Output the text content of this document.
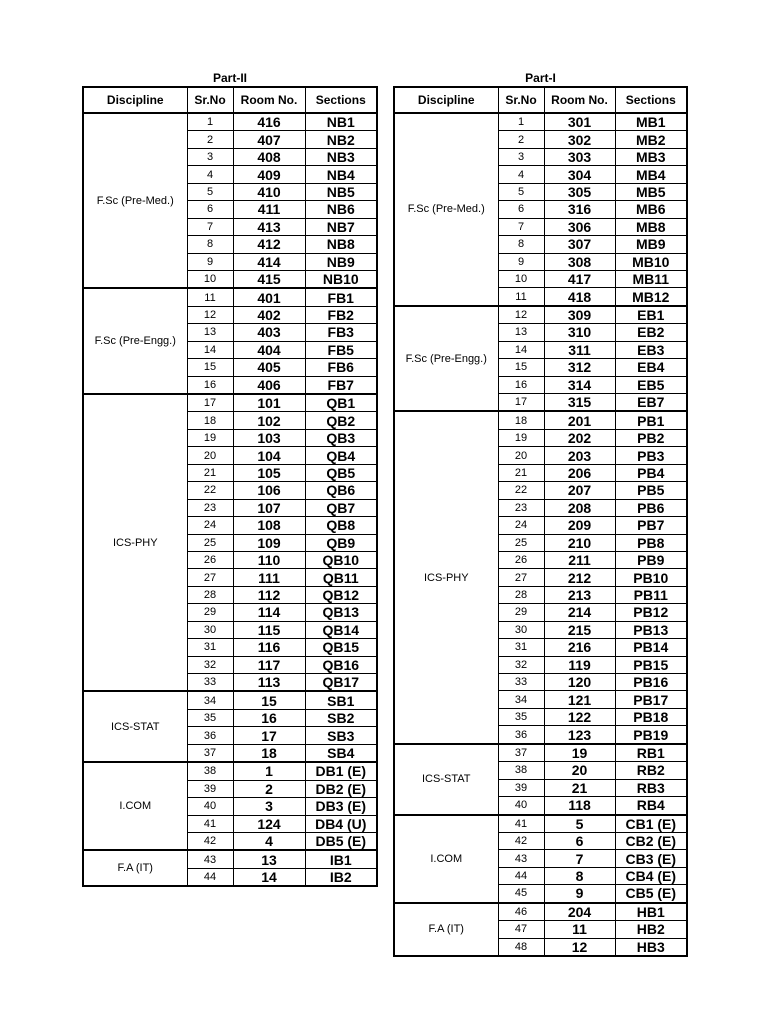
Part-II
Discipline	Sr.No	Room No.	Sections
F.Sc (Pre-Med.)	1	416	NB1
	2	407	NB2
	3	408	NB3
	4	409	NB4
	5	410	NB5
	6	411	NB6
	7	413	NB7
	8	412	NB8
	9	414	NB9
	10	415	NB10
F.Sc (Pre-Engg.)	11	401	FB1
	12	402	FB2
	13	403	FB3
	14	404	FB5
	15	405	FB6
	16	406	FB7
ICS-PHY	17	101	QB1
	18	102	QB2
	19	103	QB3
	20	104	QB4
	21	105	QB5
	22	106	QB6
	23	107	QB7
	24	108	QB8
	25	109	QB9
	26	110	QB10
	27	111	QB11
	28	112	QB12
	29	114	QB13
	30	115	QB14
	31	116	QB15
	32	117	QB16
	33	113	QB17
ICS-STAT	34	15	SB1
	35	16	SB2
	36	17	SB3
	37	18	SB4
I.COM	38	1	DB1 (E)
	39	2	DB2 (E)
	40	3	DB3 (E)
	41	124	DB4 (U)
	42	4	DB5 (E)
F.A (IT)	43	13	IB1
	44	14	IB2
Part-I
Discipline	Sr.No	Room No.	Sections
F.Sc (Pre-Med.)	1	301	MB1
	2	302	MB2
	3	303	MB3
	4	304	MB4
	5	305	MB5
	6	316	MB6
	7	306	MB8
	8	307	MB9
	9	308	MB10
	10	417	MB11
	11	418	MB12
F.Sc (Pre-Engg.)	12	309	EB1
	13	310	EB2
	14	311	EB3
	15	312	EB4
	16	314	EB5
	17	315	EB7
ICS-PHY	18	201	PB1
	19	202	PB2
	20	203	PB3
	21	206	PB4
	22	207	PB5
	23	208	PB6
	24	209	PB7
	25	210	PB8
	26	211	PB9
	27	212	PB10
	28	213	PB11
	29	214	PB12
	30	215	PB13
	31	216	PB14
	32	119	PB15
	33	120	PB16
	34	121	PB17
	35	122	PB18
	36	123	PB19
ICS-STAT	37	19	RB1
	38	20	RB2
	39	21	RB3
	40	118	RB4
I.COM	41	5	CB1 (E)
	42	6	CB2 (E)
	43	7	CB3 (E)
	44	8	CB4 (E)
	45	9	CB5 (E)
F.A (IT)	46	204	HB1
	47	11	HB2
	48	12	HB3
